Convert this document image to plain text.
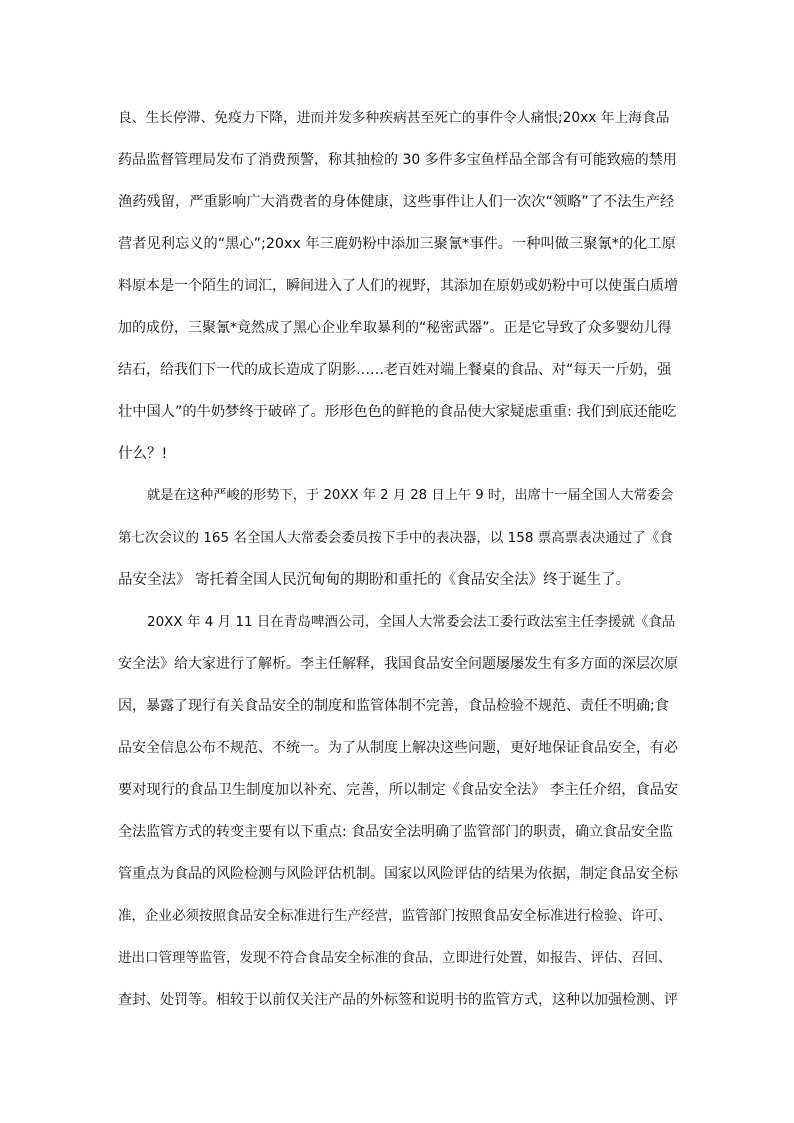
良、生长停滞、免疫力下降，进而并发多种疾病甚至死亡的事件令人痛恨;20xx 年上海食品
药品监督管理局发布了消费预警，称其抽检的 30 多件多宝鱼样品全部含有可能致癌的禁用
渔药残留，严重影响广大消费者的身体健康，这些事件让人们一次次“领略”了不法生产经
营者见利忘义的“黑心”;20xx 年三鹿奶粉中添加三聚氰*事件。一种叫做三聚氰*的化工原
料原本是一个陌生的词汇，瞬间进入了人们的视野，其添加在原奶或奶粉中可以使蛋白质增
加的成份，三聚氰*竟然成了黑心企业牟取暴利的“秘密武器”。正是它导致了众多婴幼儿得
结石，给我们下一代的成长造成了阴影……老百姓对端上餐桌的食品、对“每天一斤奶，强
壮中国人”的牛奶梦终于破碎了。形形色色的鲜艳的食品使大家疑虑重重: 我们到底还能吃
什么？!
就是在这种严峻的形势下，于 20XX 年 2 月 28 日上午 9 时，出席十一届全国人大常委会
第七次会议的 165 名全国人大常委会委员按下手中的表决器，以 158 票高票表决通过了《食
品安全法》 寄托着全国人民沉甸甸的期盼和重托的《食品安全法》终于诞生了。
20XX 年 4 月 11 日在青岛啤酒公司，全国人大常委会法工委行政法室主任李援就《食品
安全法》给大家进行了解析。李主任解释，我国食品安全问题屡屡发生有多方面的深层次原
因，暴露了现行有关食品安全的制度和监管体制不完善，食品检验不规范、责任不明确;食
品安全信息公布不规范、不统一。为了从制度上解决这些问题，更好地保证食品安全，有必
要对现行的食品卫生制度加以补充、完善，所以制定《食品安全法》 李主任介绍，食品安
全法监管方式的转变主要有以下重点: 食品安全法明确了监管部门的职责，确立食品安全监
管重点为食品的风险检测与风险评估机制。国家以风险评估的结果为依据，制定食品安全标
准，企业必须按照食品安全标准进行生产经营，监管部门按照食品安全标准进行检验、许可、
进出口管理等监管，发现不符合食品安全标准的食品，立即进行处置，如报告、评估、召回、
查封、处罚等。相较于以前仅关注产品的外标签和说明书的监管方式，这种以加强检测、评
